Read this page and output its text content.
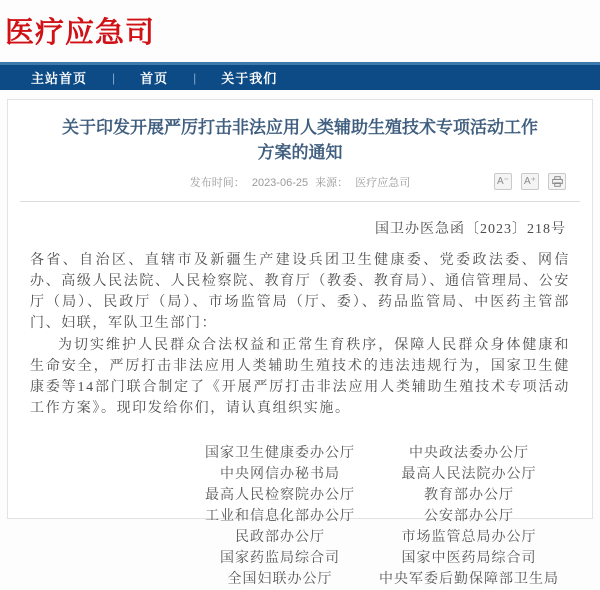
医疗应急司
主站首页	|	首页	|	关于我们
关于印发开展严厉打击非法应用人类辅助生殖技术专项活动工作方案的通知
发布时间： 2023-06-25 来源： 医疗应急司	A⁻	A⁺
国卫办医急函〔2023〕218号

各省、自治区、直辖市及新疆生产建设兵团卫生健康委、党委政法委、网信办、高级人民法院、人民检察院、教育厅（教委、教育局）、通信管理局、公安厅（局）、民政厅（局）、市场监管局（厅、委）、药品监管局、中医药主管部门、妇联，军队卫生部门：

为切实维护人民群众合法权益和正常生育秩序，保障人民群众身体健康和生命安全，严厉打击非法应用人类辅助生殖技术的违法违规行为，国家卫生健康委等14部门联合制定了《开展严厉打击非法应用人类辅助生殖技术专项活动工作方案》。现印发给你们，请认真组织实施。

国家卫生健康委办公厅	中央政法委办公厅
中央网信办秘书局	最高人民法院办公厅
最高人民检察院办公厅	教育部办公厅
工业和信息化部办公厅	公安部办公厅
民政部办公厅	市场监管总局办公厅
国家药监局综合司	国家中医药局综合司
全国妇联办公厅	中央军委后勤保障部卫生局
